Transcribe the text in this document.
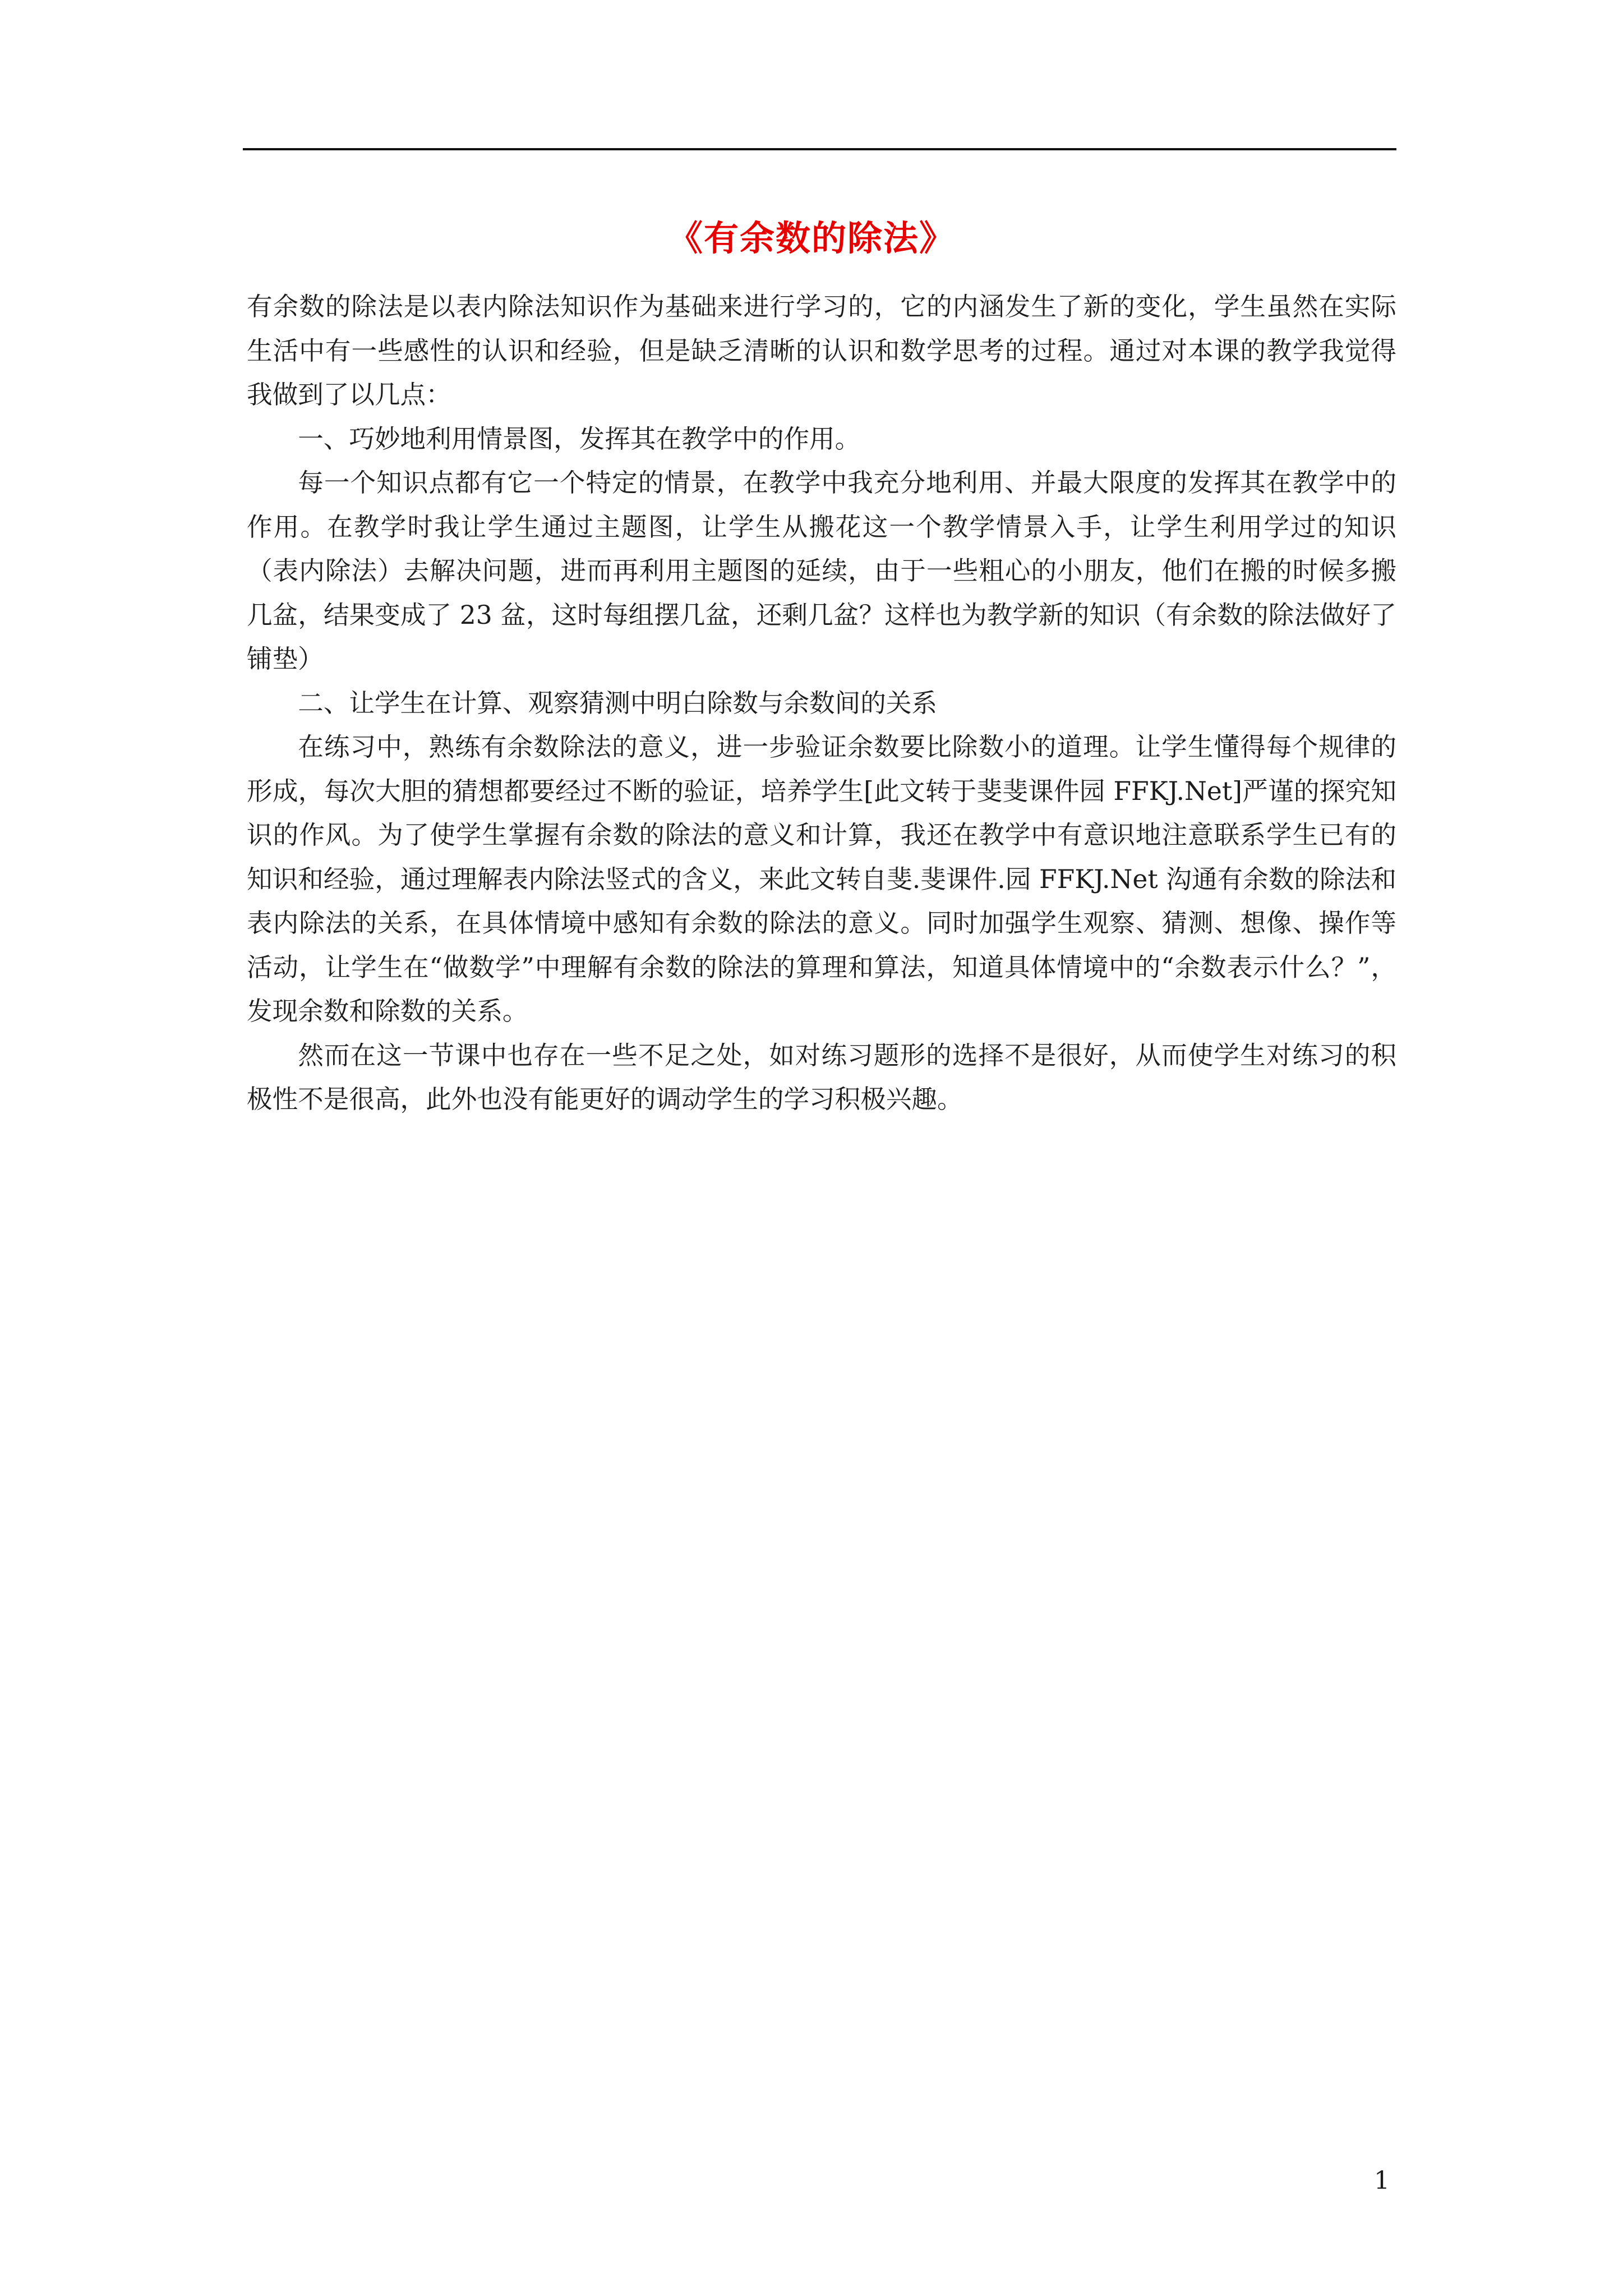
《有余数的除法》

有余数的除法是以表内除法知识作为基础来进行学习的，它的内涵发生了新的变化，学生虽然在实际生活中有一些感性的认识和经验，但是缺乏清晰的认识和数学思考的过程。通过对本课的教学我觉得我做到了以几点：

一、巧妙地利用情景图，发挥其在教学中的作用。

每一个知识点都有它一个特定的情景，在教学中我充分地利用、并最大限度的发挥其在教学中的作用。在教学时我让学生通过主题图，让学生从搬花这一个教学情景入手，让学生利用学过的知识（表内除法）去解决问题，进而再利用主题图的延续，由于一些粗心的小朋友，他们在搬的时候多搬几盆，结果变成了 23 盆，这时每组摆几盆，还剩几盆？这样也为教学新的知识（有余数的除法做好了铺垫）

二、让学生在计算、观察猜测中明白除数与余数间的关系

在练习中，熟练有余数除法的意义，进一步验证余数要比除数小的道理。让学生懂得每个规律的形成，每次大胆的猜想都要经过不断的验证，培养学生[此文转于斐斐课件园 FFKJ.Net]严谨的探究知识的作风。为了使学生掌握有余数的除法的意义和计算，我还在教学中有意识地注意联系学生已有的知识和经验，通过理解表内除法竖式的含义，来此文转自斐.斐课件.园 FFKJ.Net 沟通有余数的除法和表内除法的关系，在具体情境中感知有余数的除法的意义。同时加强学生观察、猜测、想像、操作等活动，让学生在“做数学”中理解有余数的除法的算理和算法，知道具体情境中的“余数表示什么？”，发现余数和除数的关系。

然而在这一节课中也存在一些不足之处，如对练习题形的选择不是很好，从而使学生对练习的积极性不是很高，此外也没有能更好的调动学生的学习积极兴趣。

1
